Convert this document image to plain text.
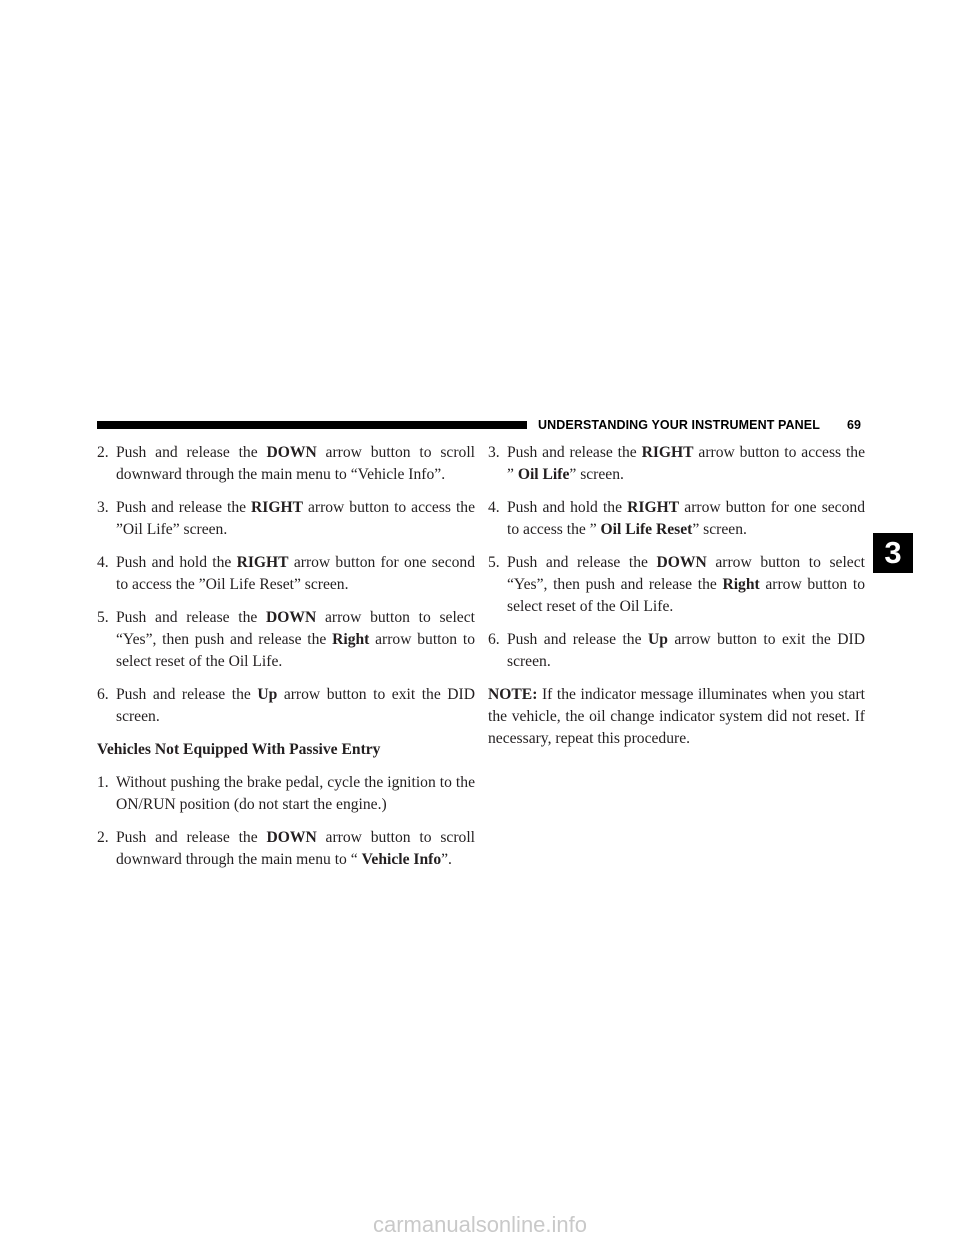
UNDERSTANDING YOUR INSTRUMENT PANEL 69
3

2. Push and release the DOWN arrow button to scroll downward through the main menu to “Vehicle Info”.

3. Push and release the RIGHT arrow button to access the ”Oil Life” screen.

4. Push and hold the RIGHT arrow button for one second to access the ”Oil Life Reset” screen.

5. Push and release the DOWN arrow button to select “Yes”, then push and release the Right arrow button to select reset of the Oil Life.

6. Push and release the Up arrow button to exit the DID screen.

Vehicles Not Equipped With Passive Entry

1. Without pushing the brake pedal, cycle the ignition to the ON/RUN position (do not start the engine.)

2. Push and release the DOWN arrow button to scroll downward through the main menu to “ Vehicle Info”.

3. Push and release the RIGHT arrow button to access the ” Oil Life” screen.

4. Push and hold the RIGHT arrow button for one second to access the ” Oil Life Reset” screen.

5. Push and release the DOWN arrow button to select “Yes”, then push and release the Right arrow button to select reset of the Oil Life.

6. Push and release the Up arrow button to exit the DID screen.

NOTE: If the indicator message illuminates when you start the vehicle, the oil change indicator system did not reset. If necessary, repeat this procedure.

carmanualsonline.info
